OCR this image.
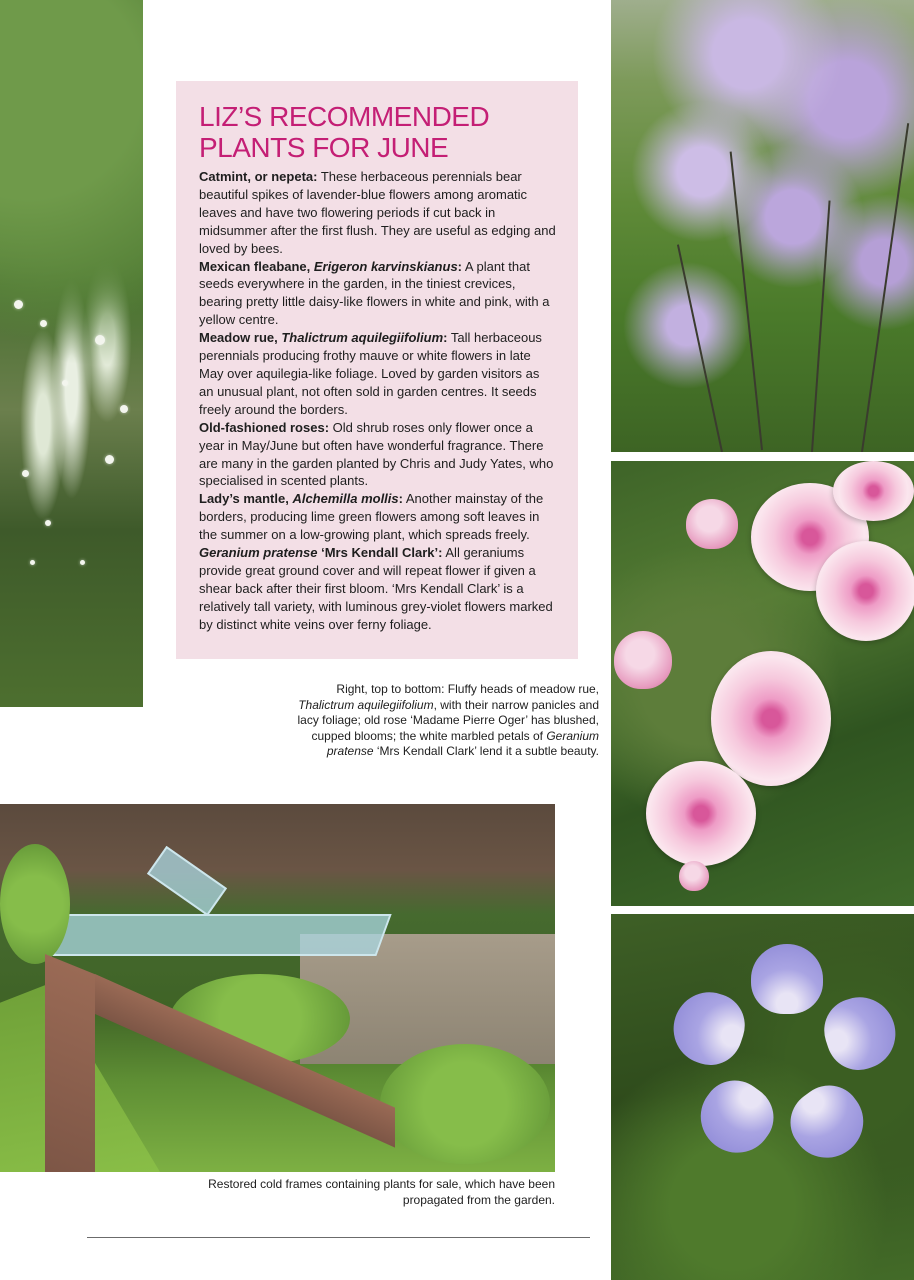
LIZ’S RECOMMENDED PLANTS FOR JUNE

Catmint, or nepeta: These herbaceous perennials bear beautiful spikes of lavender-blue flowers among aromatic leaves and have two flowering periods if cut back in midsummer after the first flush. They are useful as edging and loved by bees.

Mexican fleabane, Erigeron karvinskianus: A plant that seeds everywhere in the garden, in the tiniest crevices, bearing pretty little daisy-like flowers in white and pink, with a yellow centre.

Meadow rue, Thalictrum aquilegiifolium: Tall herbaceous perennials producing frothy mauve or white flowers in late May over aquilegia-like foliage. Loved by garden visitors as an unusual plant, not often sold in garden centres. It seeds freely around the borders.

Old-fashioned roses: Old shrub roses only flower once a year in May/June but often have wonderful fragrance. There are many in the garden planted by Chris and Judy Yates, who specialised in scented plants.

Lady’s mantle, Alchemilla mollis: Another mainstay of the borders, producing lime green flowers among soft leaves in the summer on a low-growing plant, which spreads freely.

Geranium pratense ‘Mrs Kendall Clark’: All geraniums provide great ground cover and will repeat flower if given a shear back after their first bloom. ‘Mrs Kendall Clark’ is a relatively tall variety, with luminous grey-violet flowers marked by distinct white veins over ferny foliage.

Right, top to bottom: Fluffy heads of meadow rue, Thalictrum aquilegiifolium, with their narrow panicles and lacy foliage; old rose ‘Madame Pierre Oger’ has blushed, cupped blooms; the white marbled petals of Geranium pratense ‘Mrs Kendall Clark’ lend it a subtle beauty.

Restored cold frames containing plants for sale, which have been propagated from the garden.
